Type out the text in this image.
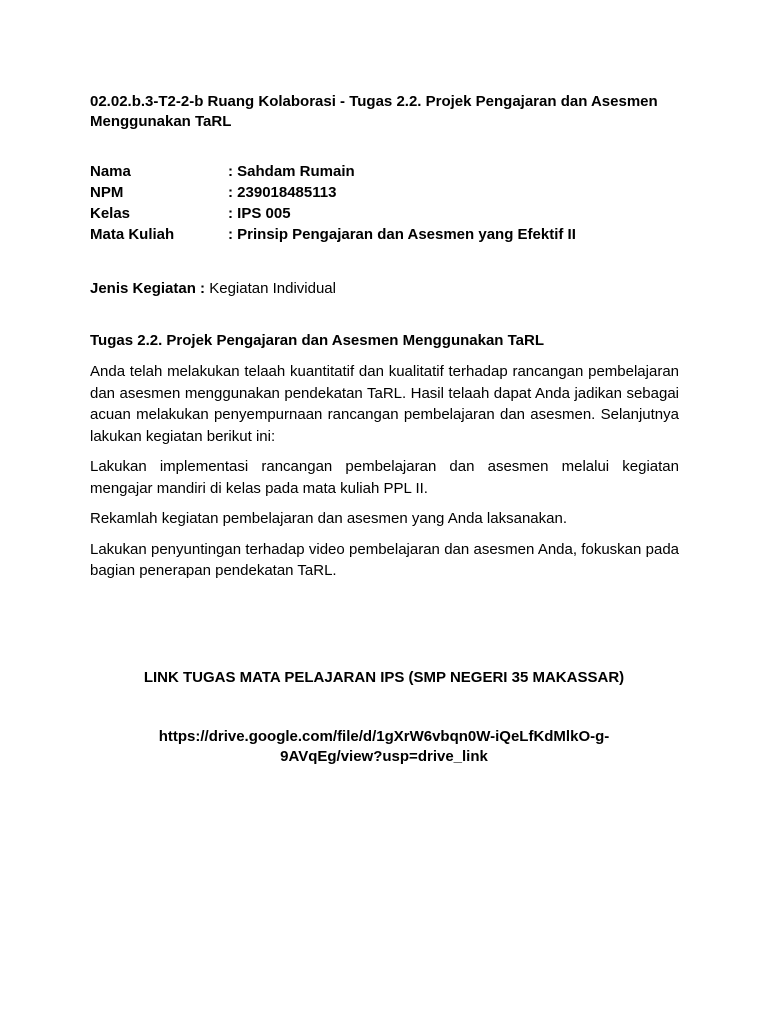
02.02.b.3-T2-2-b Ruang Kolaborasi - Tugas 2.2. Projek Pengajaran dan Asesmen Menggunakan TaRL
Nama	: Sahdam Rumain
NPM	: 239018485113
Kelas	: IPS 005
Mata Kuliah	: Prinsip Pengajaran dan Asesmen yang Efektif II
Jenis Kegiatan : Kegiatan Individual
Tugas 2.2. Projek Pengajaran dan Asesmen Menggunakan TaRL

Anda telah melakukan telaah kuantitatif dan kualitatif terhadap rancangan pembelajaran dan asesmen menggunakan pendekatan TaRL. Hasil telaah dapat Anda jadikan sebagai acuan melakukan penyempurnaan rancangan pembelajaran dan asesmen. Selanjutnya lakukan kegiatan berikut ini:

Lakukan implementasi rancangan pembelajaran dan asesmen melalui kegiatan mengajar mandiri di kelas pada mata kuliah PPL II.

Rekamlah kegiatan pembelajaran dan asesmen yang Anda laksanakan.

Lakukan penyuntingan terhadap video pembelajaran dan asesmen Anda, fokuskan pada bagian penerapan pendekatan TaRL.

LINK TUGAS MATA PELAJARAN IPS (SMP NEGERI 35 MAKASSAR)
https://drive.google.com/file/d/1gXrW6vbqn0W-iQeLfKdMlkO-g-
9AVqEg/view?usp=drive_link
